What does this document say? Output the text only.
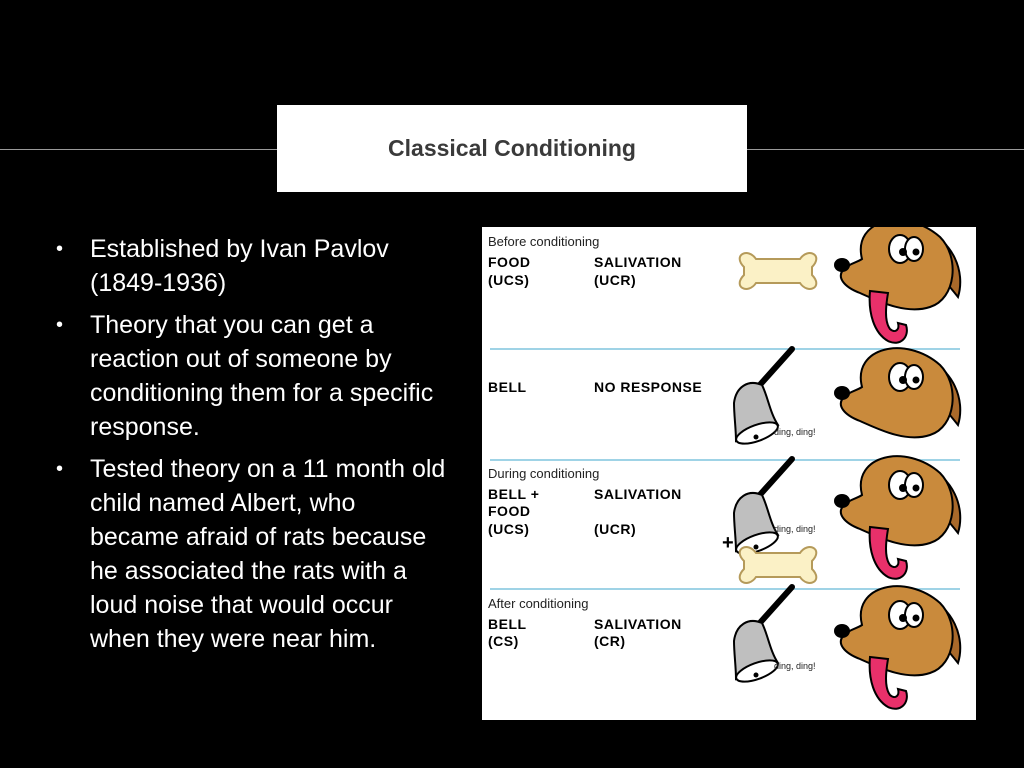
Classical Conditioning
• Established by Ivan Pavlov (1849-1936)
• Theory that you can get a reaction out of someone by conditioning them for a specific response.
• Tested theory on a 11 month old child named Albert, who became afraid of rats because he associated the rats with a loud noise that would occur when they were near him.
Before conditioning
FOOD
(UCS)
SALIVATION
(UCR)
BELL	NO RESPONSE
ding, ding!
During conditioning
BELL +
FOOD
(UCS)
SALIVATION
(UCR)	ding, ding!
+
After conditioning
BELL
(CS)
SALIVATION
(CR)
ding, ding!
